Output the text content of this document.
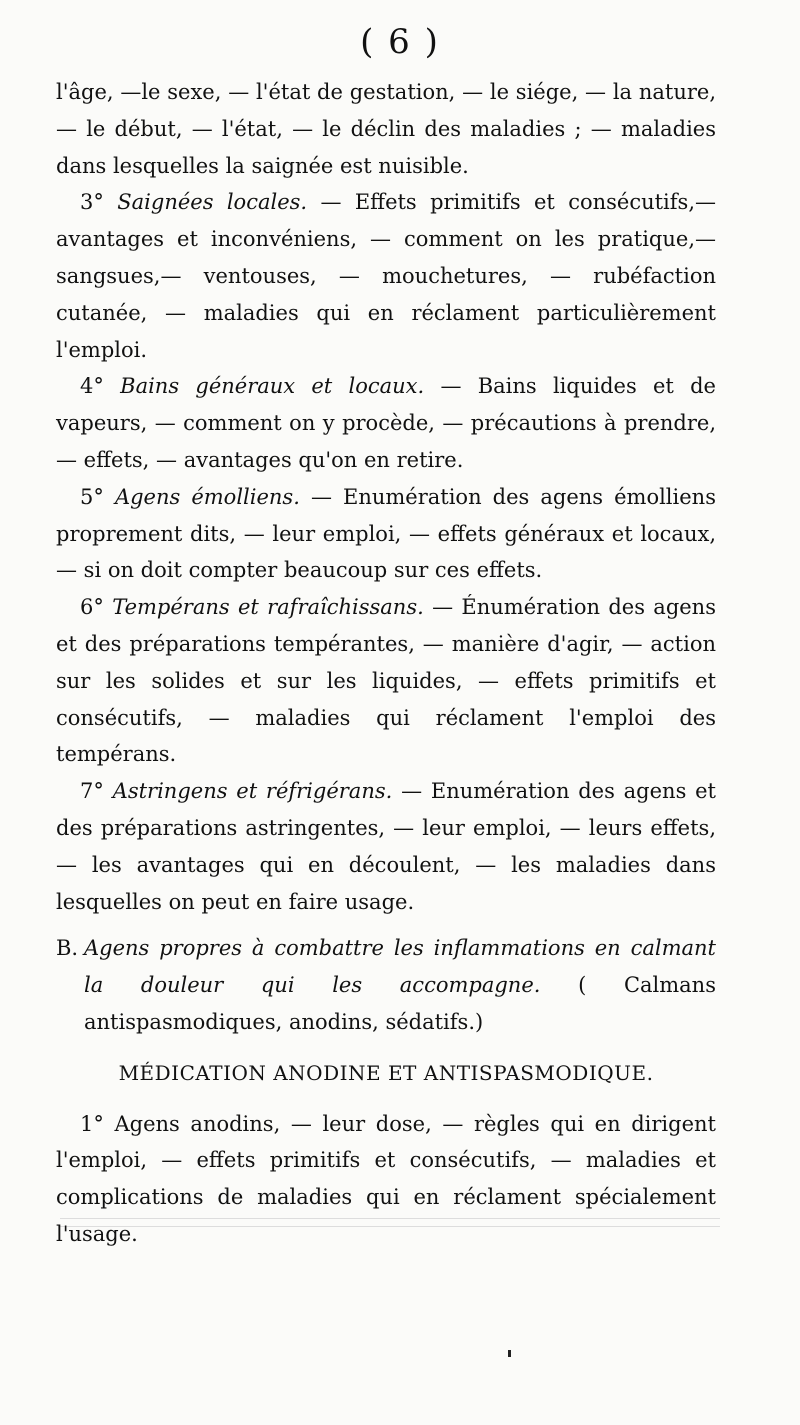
( 6 )

l'âge, —le sexe, — l'état de gestation, — le siége, — la nature,— le début, — l'état, — le déclin des maladies ; — maladies dans lesquelles la saignée est nuisible.

3° Saignées locales. — Effets primitifs et consécutifs,—avantages et inconvéniens, — comment on les pratique,—sangsues,— ventouses, — mouchetures, — rubéfaction cutanée, — maladies qui en réclament particulièrement l'emploi.

4° Bains généraux et locaux. — Bains liquides et de vapeurs, — comment on y procède, — précautions à prendre, — effets, — avantages qu'on en retire.

5° Agens émolliens. — Enumération des agens émolliens proprement dits, — leur emploi, — effets généraux et locaux, — si on doit compter beaucoup sur ces effets.

6° Tempérans et rafraîchissans. — Énumération des agens et des préparations tempérantes, — manière d'agir, — action sur les solides et sur les liquides, — effets primitifs et consécutifs, — maladies qui réclament l'emploi des tempérans.

7° Astringens et réfrigérans. — Enumération des agens et des préparations astringentes, — leur emploi, — leurs effets, — les avantages qui en découlent, — les maladies dans lesquelles on peut en faire usage.

B. Agens propres à combattre les inflammations en calmant la douleur qui les accompagne. ( Calmans antispasmodiques, anodins, sédatifs.)

MÉDICATION ANODINE ET ANTISPASMODIQUE.

1° Agens anodins, — leur dose, — règles qui en dirigent l'emploi, — effets primitifs et consécutifs, — maladies et complications de maladies qui en réclament spécialement l'usage.
